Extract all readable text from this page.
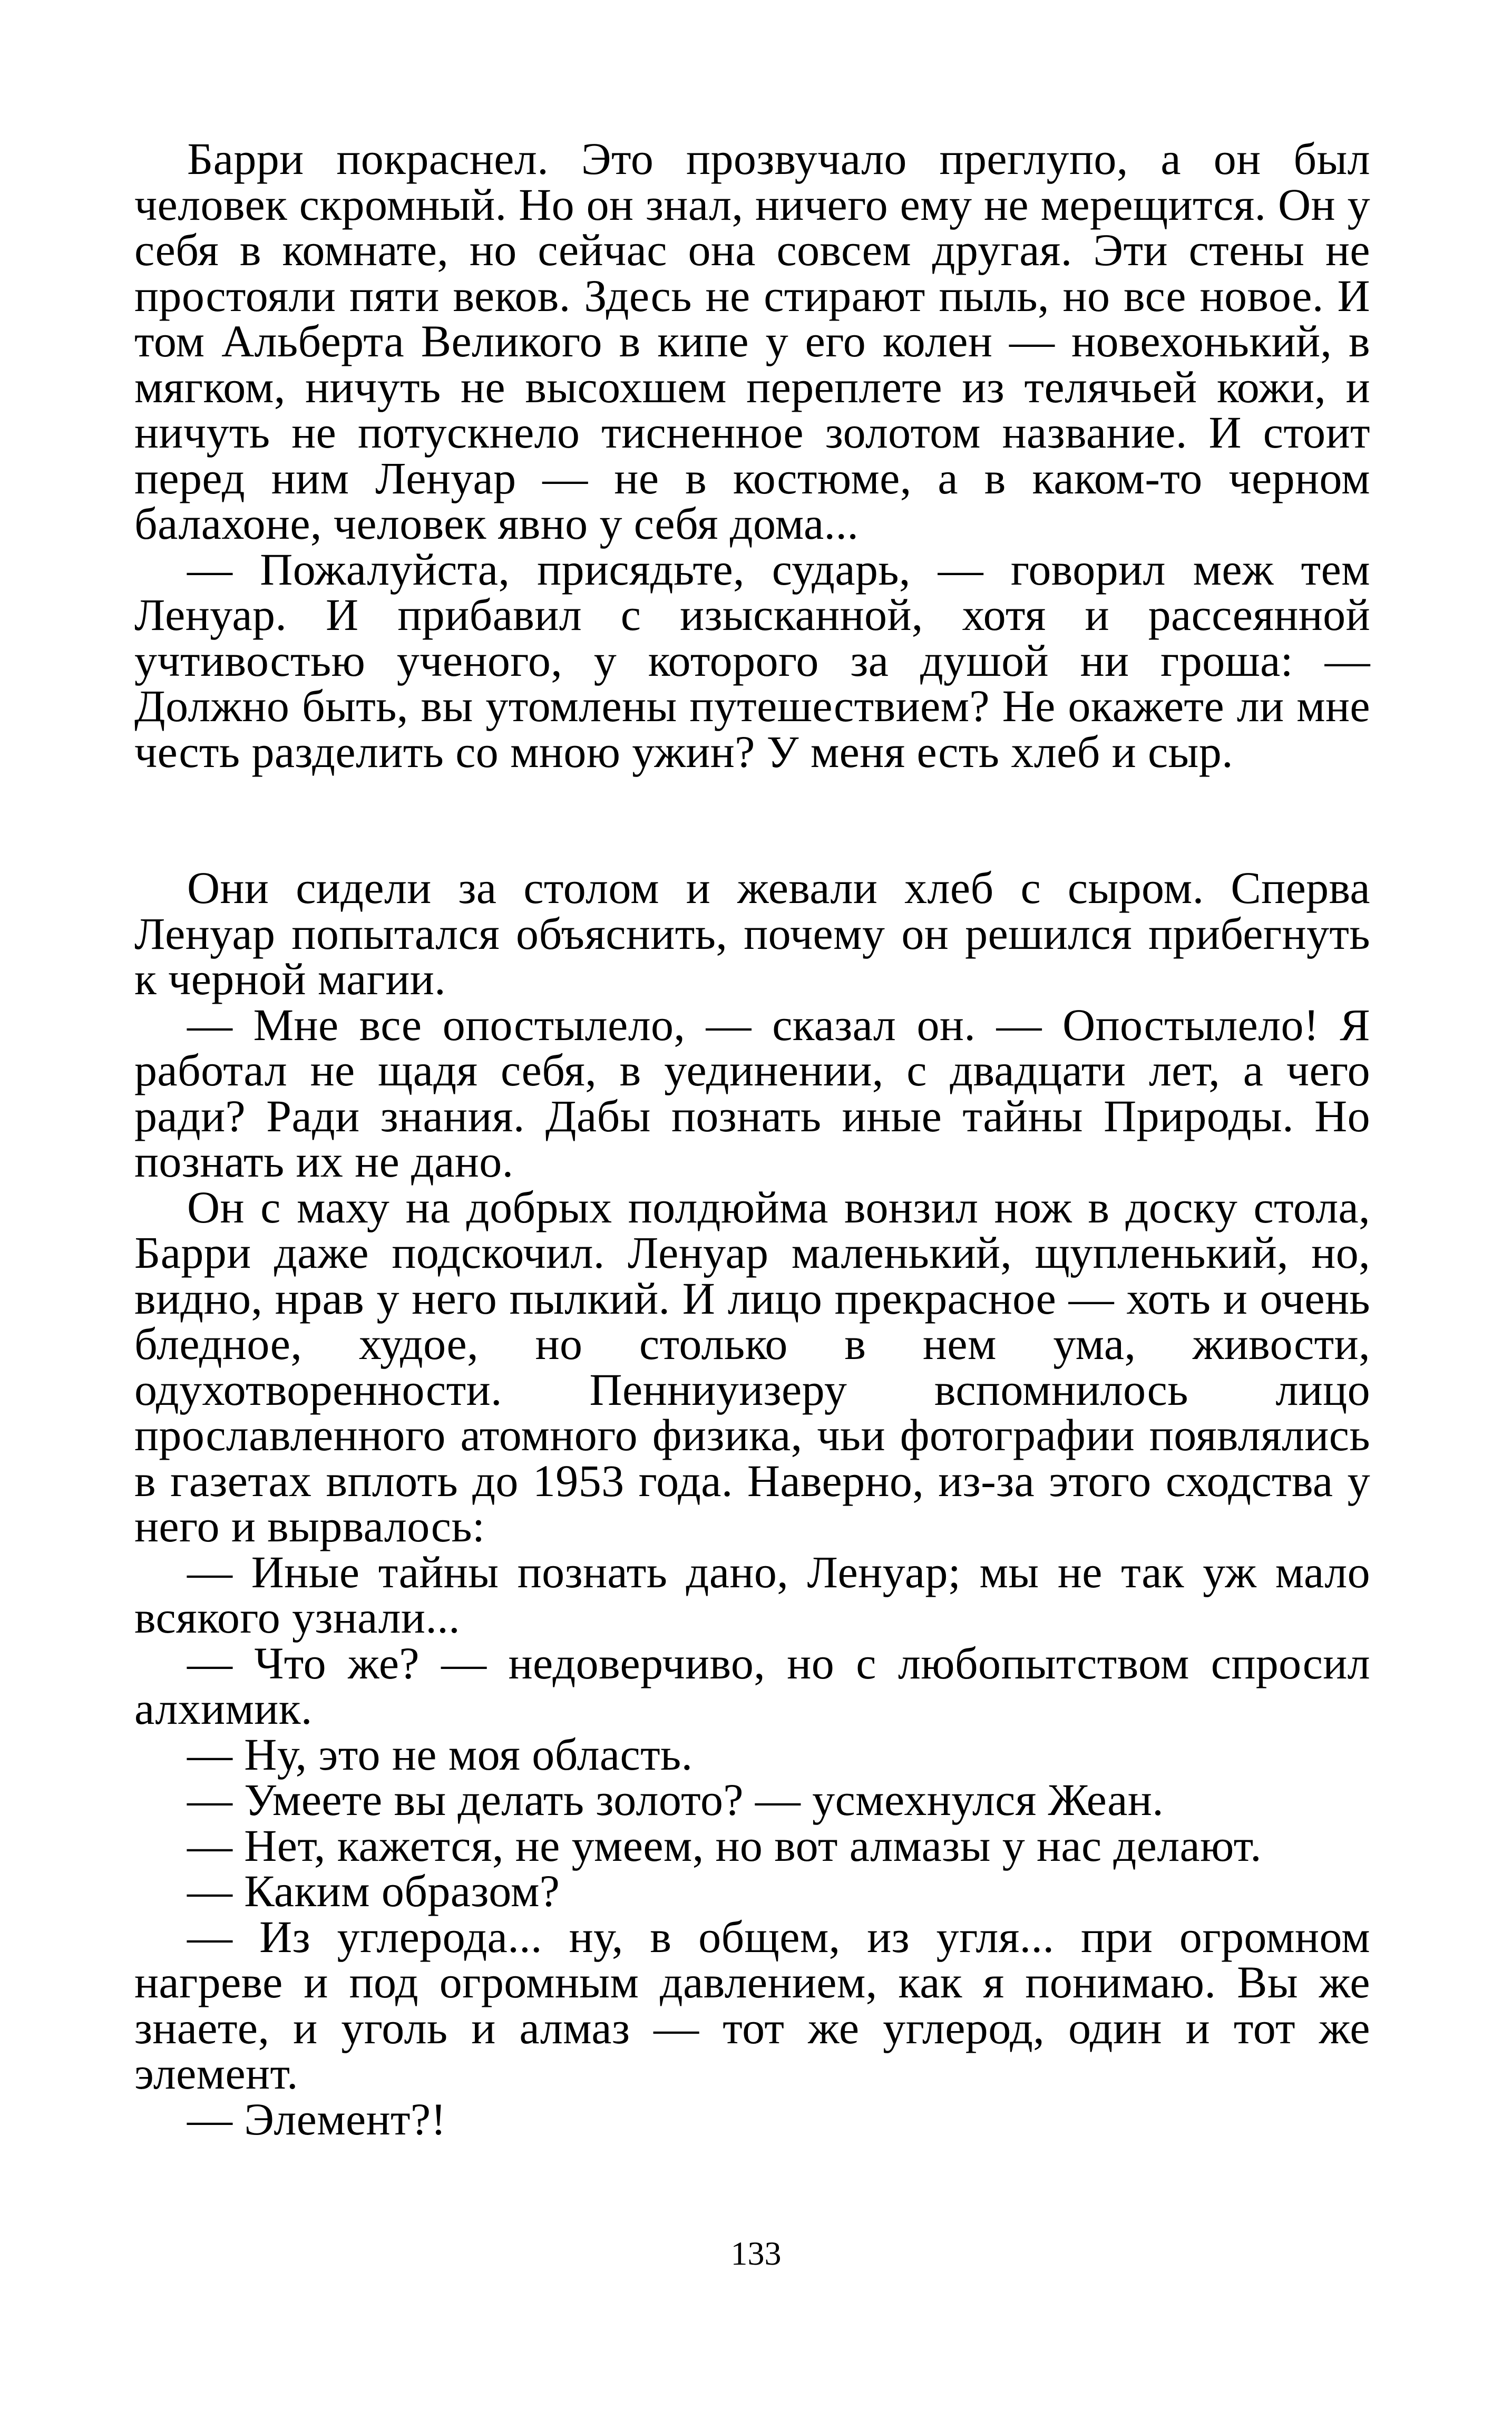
Барри покраснел. Это прозвучало преглупо, а он был человек скромный. Но он знал, ничего ему не мерещится. Он у себя в комнате, но сейчас она совсем другая. Эти стены не простояли пяти веков. Здесь не стирают пыль, но все новое. И том Альберта Великого в кипе у его колен — новехонький, в мягком, ничуть не высохшем переплете из телячьей кожи, и ничуть не потускнело тисненное золотом название. И стоит перед ним Ленуар — не в костюме, а в каком-то черном балахоне, человек явно у себя дома...

— Пожалуйста, присядьте, сударь, — говорил меж тем Ленуар. И прибавил с изысканной, хотя и рассеянной учтивостью ученого, у которого за душой ни гроша: — Должно быть, вы утомлены путешествием? Не окажете ли мне честь разделить со мною ужин? У меня есть хлеб и сыр.

Они сидели за столом и жевали хлеб с сыром. Сперва Ленуар попытался объяснить, почему он решился прибегнуть к черной магии.

— Мне все опостылело, — сказал он. — Опостылело! Я работал не щадя себя, в уединении, с двадцати лет, а чего ради? Ради знания. Дабы познать иные тайны Природы. Но познать их не дано.

Он с маху на добрых полдюйма вонзил нож в доску стола, Барри даже подскочил. Ленуар маленький, щупленький, но, видно, нрав у него пылкий. И лицо прекрасное — хоть и очень бледное, худое, но столько в нем ума, живости, одухотворенности. Пенниуизеру вспомнилось лицо прославленного атомного физика, чьи фотографии появлялись в газетах вплоть до 1953 года. Наверно, из-за этого сходства у него и вырвалось:

— Иные тайны познать дано, Ленуар; мы не так уж мало всякого узнали...

— Что же? — недоверчиво, но с любопытством спросил алхимик.

— Ну, это не моя область.

— Умеете вы делать золото? — усмехнулся Жеан.

— Нет, кажется, не умеем, но вот алмазы у нас делают.

— Каким образом?

— Из углерода... ну, в общем, из угля... при огромном нагреве и под огромным давлением, как я понимаю. Вы же знаете, и уголь и алмаз — тот же углерод, один и тот же элемент.

— Элемент?!

133
